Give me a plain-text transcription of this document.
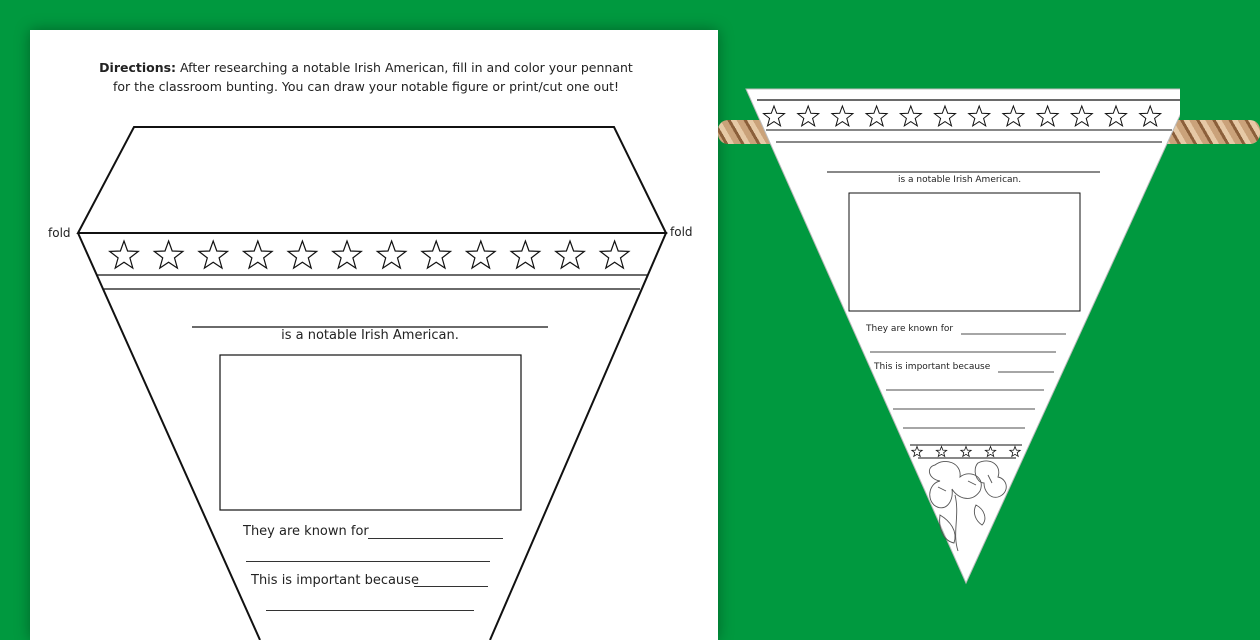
Directions: After researching a notable Irish American, fill in and color your pennant
for the classroom bunting. You can draw your notable figure or print/cut one out!
fold	fold
is a notable Irish American.
They are known for
This is important because
is a notable Irish American.
They are known for
This is important because
